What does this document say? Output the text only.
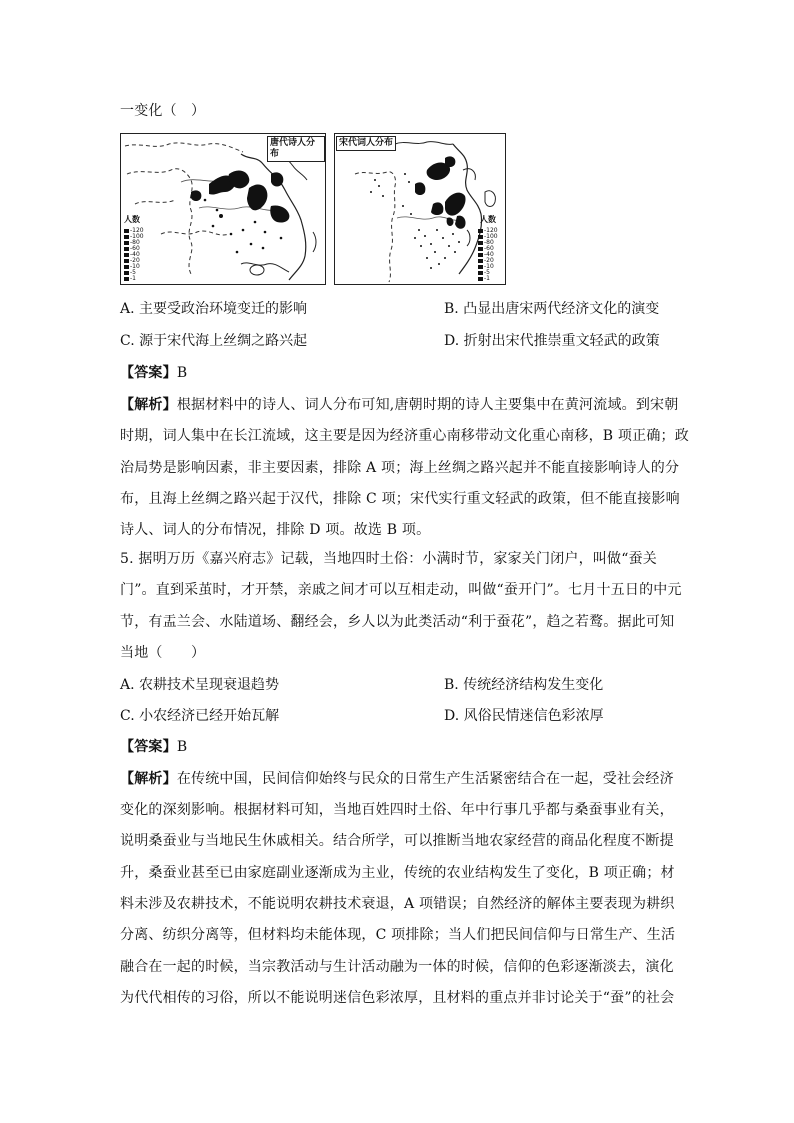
一变化（　）
唐代诗人分布
宋代词人分布
人数
-120
-100
-80
-60
-40
-20
-10
-5
-1
人数
-120
-100
-80
-60
-40
-20
-10
-5
-1
A. 主要受政治环境变迁的影响	B. 凸显出唐宋两代经济文化的演变
C. 源于宋代海上丝绸之路兴起	D. 折射出宋代推崇重文轻武的政策
【答案】B
【解析】根据材料中的诗人、词人分布可知,唐朝时期的诗人主要集中在黄河流域。到宋朝
时期，词人集中在长江流域，这主要是因为经济重心南移带动文化重心南移，B 项正确；政
治局势是影响因素，非主要因素，排除 A 项；海上丝绸之路兴起并不能直接影响诗人的分
布，且海上丝绸之路兴起于汉代，排除 C 项；宋代实行重文轻武的政策，但不能直接影响
诗人、词人的分布情况，排除 D 项。故选 B 项。
5. 据明万历《嘉兴府志》记载，当地四时土俗：小满时节，家家关门闭户，叫做“蚕关
门”。直到采茧时，才开禁，亲戚之间才可以互相走动，叫做“蚕开门”。七月十五日的中元
节，有盂兰会、水陆道场、翻经会，乡人以为此类活动“利于蚕花”，趋之若鹜。据此可知
当地（　　）
A. 农耕技术呈现衰退趋势	B. 传统经济结构发生变化
C. 小农经济已经开始瓦解	D. 风俗民情迷信色彩浓厚
【答案】B
【解析】在传统中国，民间信仰始终与民众的日常生产生活紧密结合在一起，受社会经济
变化的深刻影响。根据材料可知，当地百姓四时土俗、年中行事几乎都与桑蚕事业有关，
说明桑蚕业与当地民生休戚相关。结合所学，可以推断当地农家经营的商品化程度不断提
升，桑蚕业甚至已由家庭副业逐渐成为主业，传统的农业结构发生了变化，B 项正确；材
料未涉及农耕技术，不能说明农耕技术衰退，A 项错误；自然经济的解体主要表现为耕织
分离、纺织分离等，但材料均未能体现，C 项排除；当人们把民间信仰与日常生产、生活
融合在一起的时候，当宗教活动与生计活动融为一体的时候，信仰的色彩逐渐淡去，演化
为代代相传的习俗，所以不能说明迷信色彩浓厚，且材料的重点并非讨论关于“蚕”的社会
